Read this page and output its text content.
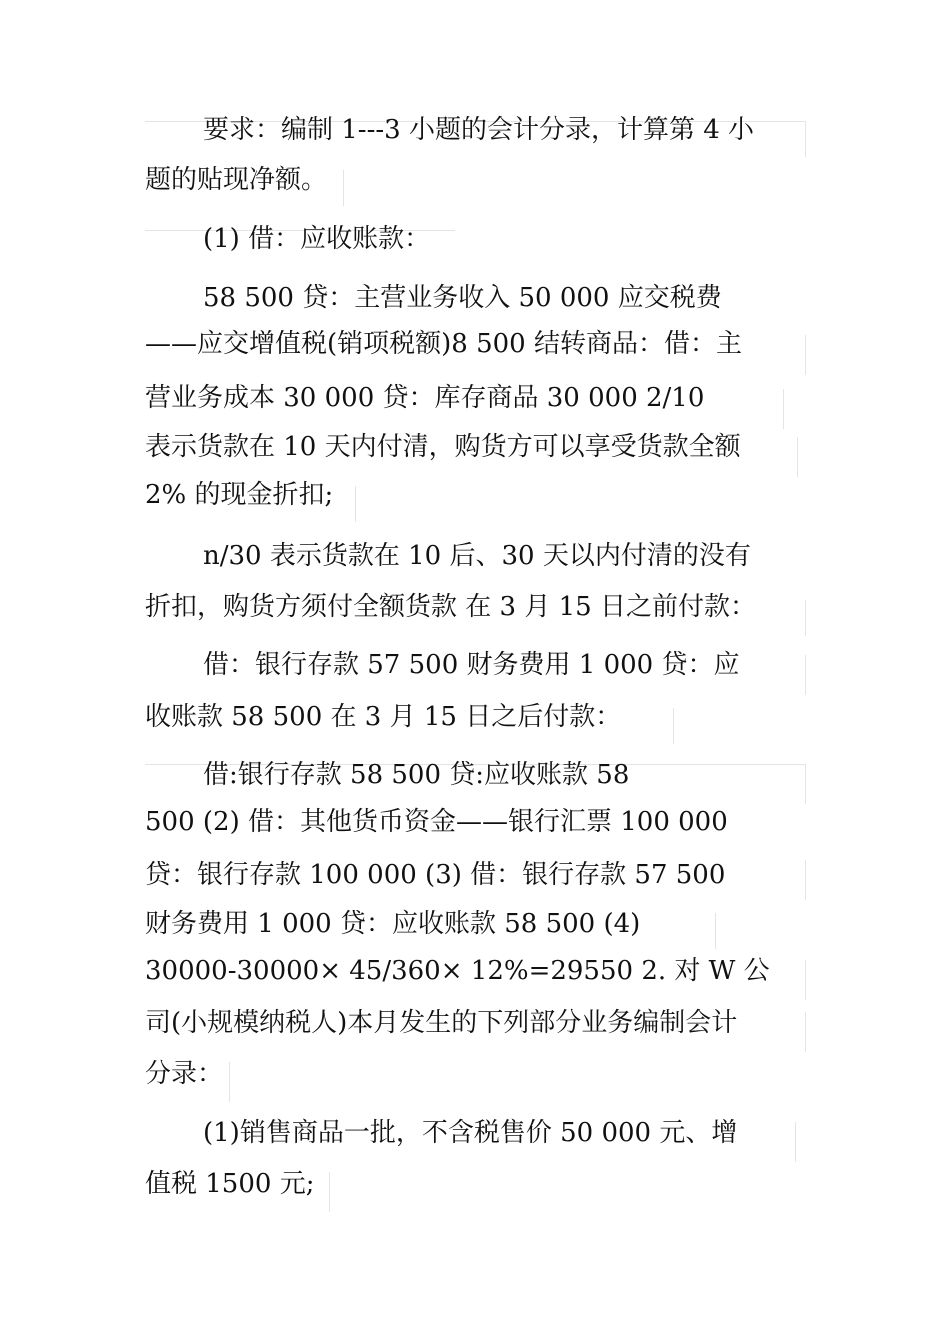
要求：编制 1---3 小题的会计分录，计算第 4 小
题的贴现净额。
(1) 借：应收账款：
58 500 贷：主营业务收入 50 000 应交税费
——应交增值税(销项税额)8 500 结转商品：借：主
营业务成本 30 000 贷：库存商品 30 000 2/10
表示货款在 10 天内付清，购货方可以享受货款全额
2% 的现金折扣;
n/30 表示货款在 10 后、30 天以内付清的没有
折扣，购货方须付全额货款 在 3 月 15 日之前付款：
借：银行存款 57 500 财务费用 1 000 贷：应
收账款 58 500 在 3 月 15 日之后付款：
借:银行存款 58 500 贷:应收账款 58
500 (2) 借：其他货币资金——银行汇票 100 000
贷：银行存款 100 000 (3) 借：银行存款 57 500
财务费用 1 000 贷：应收账款 58 500 (4)
30000-30000× 45/360× 12%=29550 2. 对 W 公
司(小规模纳税人)本月发生的下列部分业务编制会计
分录：
(1)销售商品一批，不含税售价 50 000 元、增
值税 1500 元;
